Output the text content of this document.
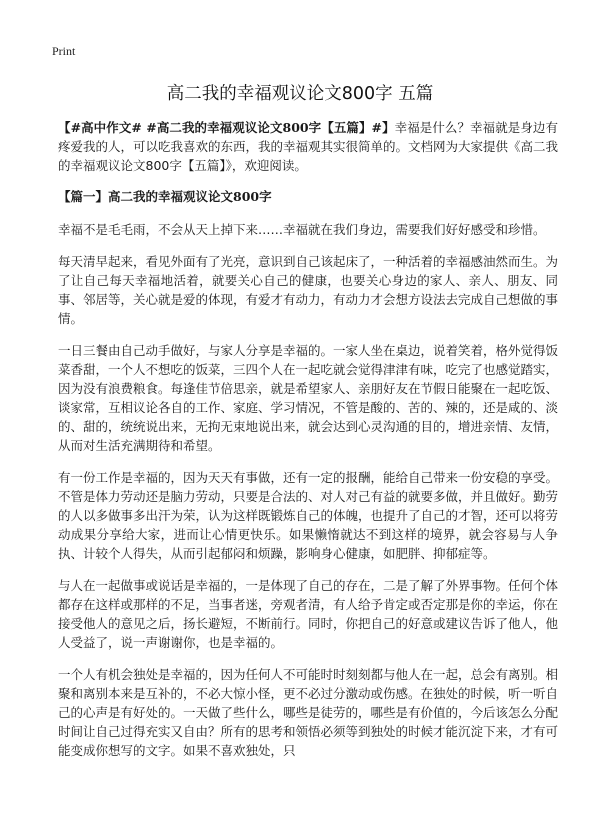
Print
高二我的幸福观议论文800字 五篇

【#高中作文# #高二我的幸福观议论文800字【五篇】#】幸福是什么？幸福就是身边有疼爱我的人，可以吃我喜欢的东西，我的幸福观其实很简单的。文档网为大家提供《高二我的幸福观议论文800字【五篇】》，欢迎阅读。

【篇一】高二我的幸福观议论文800字

幸福不是毛毛雨，不会从天上掉下来……幸福就在我们身边，需要我们好好感受和珍惜。

每天清早起来，看见外面有了光亮，意识到自己该起床了，一种活着的幸福感油然而生。为了让自己每天幸福地活着，就要关心自己的健康，也要关心身边的家人、亲人、朋友、同事、邻居等，关心就是爱的体现，有爱才有动力，有动力才会想方设法去完成自己想做的事情。

一日三餐由自己动手做好，与家人分享是幸福的。一家人坐在桌边，说着笑着，格外觉得饭菜香甜，一个人不想吃的饭菜，三四个人在一起吃就会觉得津津有味，吃完了也感觉踏实，因为没有浪费粮食。每逢佳节倍思亲，就是希望家人、亲朋好友在节假日能聚在一起吃饭、谈家常，互相议论各自的工作、家庭、学习情况，不管是酸的、苦的、辣的，还是咸的、淡的、甜的，统统说出来，无拘无束地说出来，就会达到心灵沟通的目的，增进亲情、友情，从而对生活充满期待和希望。

有一份工作是幸福的，因为天天有事做，还有一定的报酬，能给自己带来一份安稳的享受。不管是体力劳动还是脑力劳动，只要是合法的、对人对己有益的就要多做，并且做好。勤劳的人以多做事多出汗为荣，认为这样既锻炼自己的体魄，也提升了自己的才智，还可以将劳动成果分享给大家，进而让心情更快乐。如果懒惰就达不到这样的境界，就会容易与人争执、计较个人得失，从而引起郁闷和烦躁，影响身心健康，如肥胖、抑郁症等。

与人在一起做事或说话是幸福的，一是体现了自己的存在，二是了解了外界事物。任何个体都存在这样或那样的不足，当事者迷，旁观者清，有人给予肯定或否定那是你的幸运，你在接受他人的意见之后，扬长避短，不断前行。同时，你把自己的好意或建议告诉了他人，他人受益了，说一声谢谢你，也是幸福的。

一个人有机会独处是幸福的，因为任何人不可能时时刻刻都与他人在一起，总会有离别。相聚和离别本来是互补的，不必大惊小怪，更不必过分激动或伤感。在独处的时候，听一听自己的心声是有好处的。一天做了些什么，哪些是徒劳的，哪些是有价值的，今后该怎么分配时间让自己过得充实又自由？所有的思考和领悟必须等到独处的时候才能沉淀下来，才有可能变成你想写的文字。如果不喜欢独处，只
